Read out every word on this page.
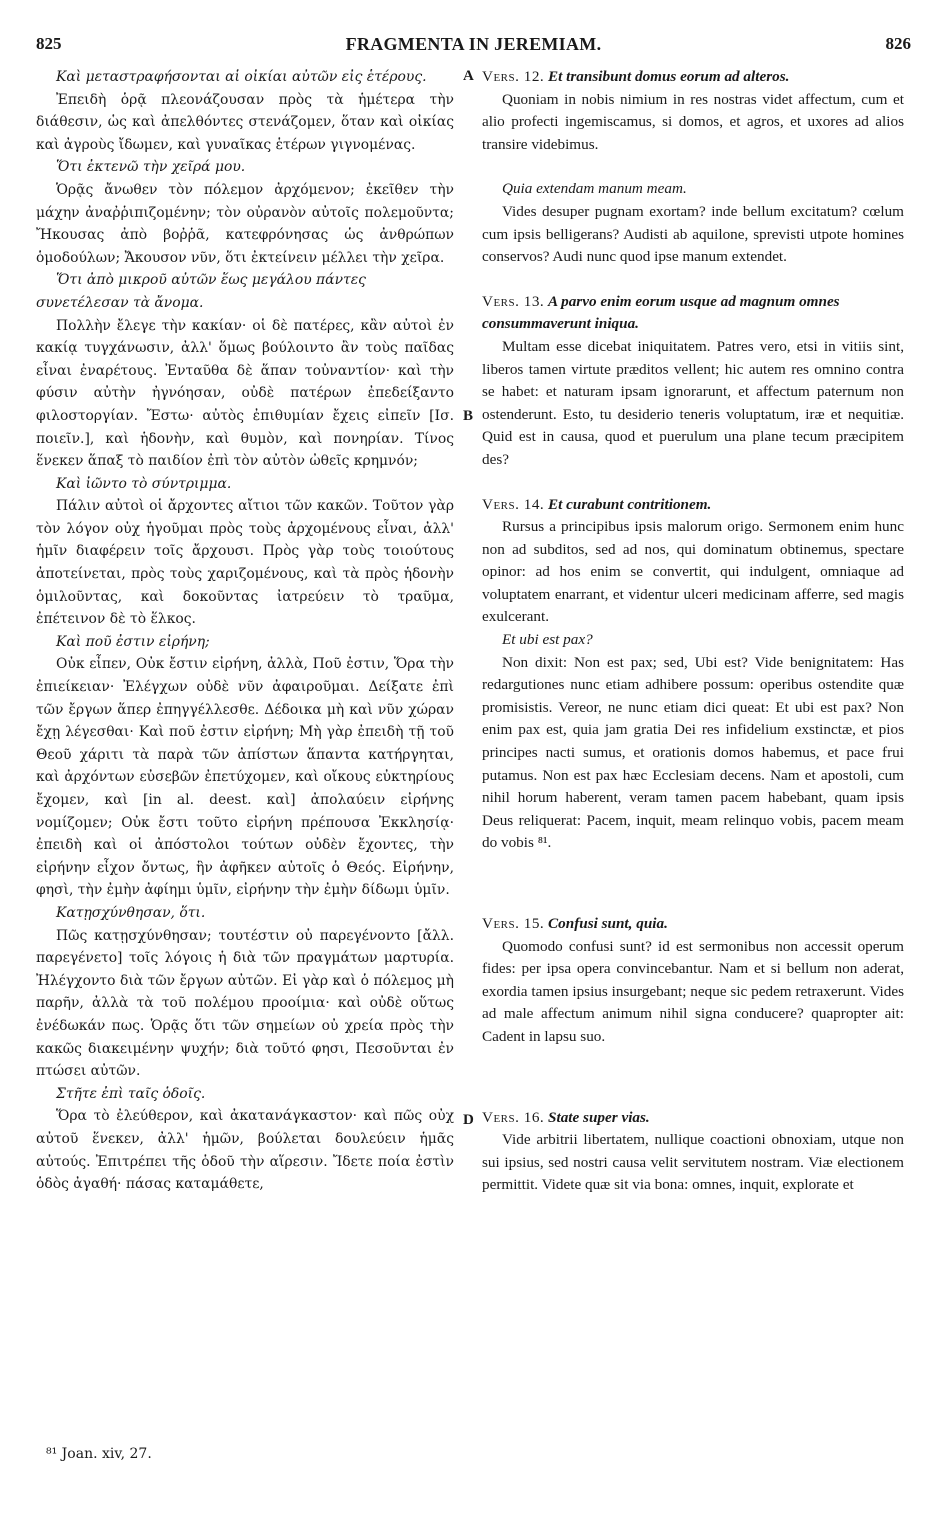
825	FRAGMENTA IN JEREMIAM.	826
A
B
D

Καὶ μεταστραφήσονται αἱ οἰκίαι αὐτῶν εἰς ἑτέρους.

Ἐπειδὴ ὁρᾷ πλεονάζουσαν πρὸς τὰ ἡμέτερα τὴν διάθεσιν, ὡς καὶ ἀπελθόντες στενάζομεν, ὅταν καὶ οἰκίας καὶ ἀγροὺς ἴδωμεν, καὶ γυναῖκας ἑτέρων γιγνομένας.

Ὅτι ἐκτενῶ τὴν χεῖρά μου.

Ὁρᾷς ἄνωθεν τὸν πόλεμον ἀρχόμενον; ἐκεῖθεν τὴν μάχην ἀναῤῥιπιζομένην; τὸν οὐρανὸν αὐτοῖς πολεμοῦντα; Ἤκουσας ἀπὸ βοῤῥᾶ, κατεφρόνησας ὡς ἀνθρώπων ὁμοδούλων; Ἄκουσον νῦν, ὅτι ἐκτείνειν μέλλει τὴν χεῖρα.

Ὅτι ἀπὸ μικροῦ αὐτῶν ἕως μεγάλου πάντες συνετέλεσαν τὰ ἄνομα.

Πολλὴν ἔλεγε τὴν κακίαν· οἱ δὲ πατέρες, κἂν αὐτοὶ ἐν κακίᾳ τυγχάνωσιν, ἀλλ' ὅμως βούλοιντο ἂν τοὺς παῖδας εἶναι ἐναρέτους. Ἐνταῦθα δὲ ἅπαν τοὐναντίον· καὶ τὴν φύσιν αὐτὴν ἠγνόησαν, οὐδὲ πατέρων ἐπεδείξαντο φιλοστοργίαν. Ἔστω· αὐτὸς ἐπιθυμίαν ἔχεις εἰπεῖν [Ισ. ποιεῖν.], καὶ ἡδονὴν, καὶ θυμὸν, καὶ πονηρίαν. Τίνος ἕνεκεν ἅπαξ τὸ παιδίον ἐπὶ τὸν αὐτὸν ὠθεῖς κρημνόν;

Καὶ ἰῶντο τὸ σύντριμμα.

Πάλιν αὐτοὶ οἱ ἄρχοντες αἴτιοι τῶν κακῶν. Τοῦτον γὰρ τὸν λόγον οὐχ ἡγοῦμαι πρὸς τοὺς ἀρχομένους εἶναι, ἀλλ' ἡμῖν διαφέρειν τοῖς ἄρχουσι. Πρὸς γὰρ τοὺς τοιούτους ἀποτείνεται, πρὸς τοὺς χαριζομένους, καὶ τὰ πρὸς ἡδονὴν ὁμιλοῦντας, καὶ δοκοῦντας ἰατρεύειν τὸ τραῦμα, ἐπέτεινον δὲ τὸ ἕλκος.

Καὶ ποῦ ἐστιν εἰρήνη;

Οὐκ εἶπεν, Οὐκ ἔστιν εἰρήνη, ἀλλὰ, Ποῦ ἐστιν, Ὅρα τὴν ἐπιείκειαν· Ἐλέγχων οὐδὲ νῦν ἀφαιροῦμαι. Δείξατε ἐπὶ τῶν ἔργων ἅπερ ἐπηγγέλλεσθε. Δέδοικα μὴ καὶ νῦν χώραν ἔχῃ λέγεσθαι· Καὶ ποῦ ἐστιν εἰρήνη; Μὴ γὰρ ἐπειδὴ τῇ τοῦ Θεοῦ χάριτι τὰ παρὰ τῶν ἀπίστων ἅπαντα κατήργηται, καὶ ἀρχόντων εὐσεβῶν ἐπετύχομεν, καὶ οἴκους εὐκτηρίους ἔχομεν, καὶ [in al. deest. καὶ] ἀπολαύειν εἰρήνης νομίζομεν; Οὐκ ἔστι τοῦτο εἰρήνη πρέπουσα Ἐκκλησίᾳ· ἐπειδὴ καὶ οἱ ἀπόστολοι τούτων οὐδὲν ἔχοντες, τὴν εἰρήνην εἶχον ὄντως, ἣν ἀφῆκεν αὐτοῖς ὁ Θεός. Εἰρήνην, φησὶ, τὴν ἐμὴν ἀφίημι ὑμῖν, εἰρήνην τὴν ἐμὴν δίδωμι ὑμῖν.

Κατῃσχύνθησαν, ὅτι.

Πῶς κατῃσχύνθησαν; τουτέστιν οὐ παρεγένοντο [ἄλλ. παρεγένετο] τοῖς λόγοις ἡ διὰ τῶν πραγμάτων μαρτυρία. Ἠλέγχοντο διὰ τῶν ἔργων αὐτῶν. Εἰ γὰρ καὶ ὁ πόλεμος μὴ παρῆν, ἀλλὰ τὰ τοῦ πολέμου προοίμια· καὶ οὐδὲ οὕτως ἐνέδωκάν πως. Ὁρᾷς ὅτι τῶν σημείων οὐ χρεία πρὸς τὴν κακῶς διακειμένην ψυχήν; διὰ τοῦτό φησι, Πεσοῦνται ἐν πτώσει αὐτῶν.

Στῆτε ἐπὶ ταῖς ὁδοῖς.

Ὅρα τὸ ἐλεύθερον, καὶ ἀκατανάγκαστον· καὶ πῶς οὐχ αὐτοῦ ἕνεκεν, ἀλλ' ἡμῶν, βούλεται δουλεύειν ἡμᾶς αὐτούς. Ἐπιτρέπει τῆς ὁδοῦ τὴν αἵρεσιν. Ἴδετε ποία ἐστὶν ὁδὸς ἀγαθή· πάσας καταμάθετε,

Vers. 12. Et transibunt domus eorum ad alteros.

Quoniam in nobis nimium in res nostras videt affectum, cum et alio profecti ingemiscamus, si domos, et agros, et uxores ad alios transire videbimus.

Quia extendam manum meam.

Vides desuper pugnam exortam? inde bellum excitatum? cœlum cum ipsis belligerans? Audisti ab aquilone, sprevisti utpote homines conservos? Audi nunc quod ipse manum extendet.

Vers. 13. A parvo enim eorum usque ad magnum omnes consummaverunt iniqua.

Multam esse dicebat iniquitatem. Patres vero, etsi in vitiis sint, liberos tamen virtute præditos vellent; hic autem res omnino contra se habet: et naturam ipsam ignorarunt, et affectum paternum non ostenderunt. Esto, tu desiderio teneris voluptatum, iræ et nequitiæ. Quid est in causa, quod et puerulum una plane tecum præcipitem des?

Vers. 14. Et curabunt contritionem.

Rursus a principibus ipsis malorum origo. Sermonem enim hunc non ad subditos, sed ad nos, qui dominatum obtinemus, spectare opinor: ad hos enim se convertit, qui indulgent, omniaque ad voluptatem enarrant, et videntur ulceri medicinam afferre, sed magis exulcerant.

Et ubi est pax?

Non dixit: Non est pax; sed, Ubi est? Vide benignitatem: Has redargutiones nunc etiam adhibere possum: operibus ostendite quæ promisistis. Vereor, ne nunc etiam dici queat: Et ubi est pax? Non enim pax est, quia jam gratia Dei res infidelium exstinctæ, et pios principes nacti sumus, et orationis domos habemus, et pace frui putamus. Non est pax hæc Ecclesiam decens. Nam et apostoli, cum nihil horum haberent, veram tamen pacem habebant, quam ipsis Deus reliquerat: Pacem, inquit, meam relinquo vobis, pacem meam do vobis ⁸¹.

Vers. 15. Confusi sunt, quia.

Quomodo confusi sunt? id est sermonibus non accessit operum fides: per ipsa opera convincebantur. Nam et si bellum non aderat, exordia tamen ipsius insurgebant; neque sic pedem retraxerunt. Vides ad male affectum animum nihil signa conducere? quapropter ait: Cadent in lapsu suo.

Vers. 16. State super vias.

Vide arbitrii libertatem, nullique coactioni obnoxiam, utque non sui ipsius, sed nostri causa velit servitutem nostram. Viæ electionem permittit. Videte quæ sit via bona: omnes, inquit, explorate et

⁸¹ Joan. xiv, 27.
